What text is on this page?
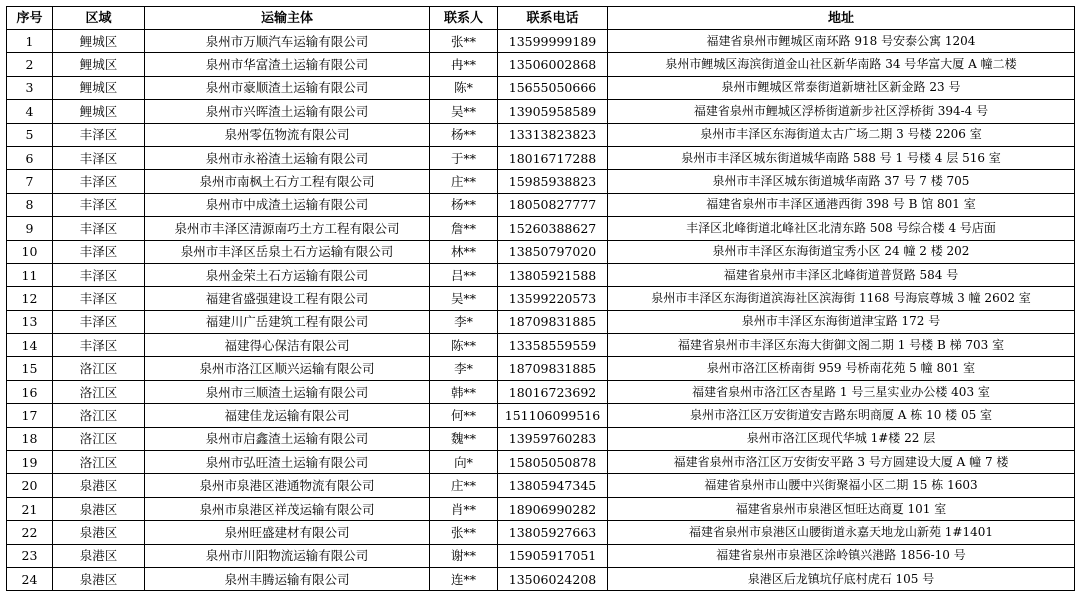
序号	区域	运输主体	联系人	联系电话	地址
1	鲤城区	泉州市万顺汽车运输有限公司	张**	13599999189	福建省泉州市鲤城区南环路 918 号安泰公寓 1204
2	鲤城区	泉州市华富渣土运输有限公司	冉**	13506002868	泉州市鲤城区海滨街道金山社区新华南路 34 号华富大厦 A 幢二楼
3	鲤城区	泉州市豪顺渣土运输有限公司	陈*	15655050666	泉州市鲤城区常泰街道新塘社区新金路 23 号
4	鲤城区	泉州市兴晖渣土运输有限公司	吴**	13905958589	福建省泉州市鲤城区浮桥街道新步社区浮桥街 394-4 号
5	丰泽区	泉州零伍物流有限公司	杨**	13313823823	泉州市丰泽区东海街道太古广场二期 3 号楼 2206 室
6	丰泽区	泉州市永裕渣土运输有限公司	于**	18016717288	泉州市丰泽区城东街道城华南路 588 号 1 号楼 4 层 516 室
7	丰泽区	泉州市南枫土石方工程有限公司	庄**	15985938823	泉州市丰泽区城东街道城华南路 37 号 7 楼 705
8	丰泽区	泉州市中成渣土运输有限公司	杨**	18050827777	福建省泉州市丰泽区通港西街 398 号 B 馆 801 室
9	丰泽区	泉州市丰泽区清源南巧土方工程有限公司	詹**	15260388627	丰泽区北峰街道北峰社区北清东路 508 号综合楼 4 号店面
10	丰泽区	泉州市丰泽区岳泉土石方运输有限公司	林**	13850797020	泉州市丰泽区东海街道宝秀小区 24 幢 2 楼 202
11	丰泽区	泉州金荣土石方运输有限公司	吕**	13805921588	福建省泉州市丰泽区北峰街道普贤路 584 号
12	丰泽区	福建省盛强建设工程有限公司	吴**	13599220573	泉州市丰泽区东海街道滨海社区滨海街 1168 号海宸尊城 3 幢 2602 室
13	丰泽区	福建川广岳建筑工程有限公司	李*	18709831885	泉州市丰泽区东海街道津宝路 172 号
14	丰泽区	福建得心保洁有限公司	陈**	13358559559	福建省泉州市丰泽区东海大街御文阁二期 1 号楼 B 梯 703 室
15	洛江区	泉州市洛江区顺兴运输有限公司	李*	18709831885	泉州市洛江区桥南街 959 号桥南花苑 5 幢 801 室
16	洛江区	泉州市三顺渣土运输有限公司	韩**	18016723692	福建省泉州市洛江区杏星路 1 号三星实业办公楼 403 室
17	洛江区	福建佳龙运输有限公司	何**	151106099516	泉州市洛江区万安街道安吉路东明商厦 A 栋 10 楼 05 室
18	洛江区	泉州市启鑫渣土运输有限公司	魏**	13959760283	泉州市洛江区现代华城 1#楼 22 层
19	洛江区	泉州市弘旺渣土运输有限公司	向*	15805050878	福建省泉州市洛江区万安街安平路 3 号方圆建设大厦 A 幢 7 楼
20	泉港区	泉州市泉港区港通物流有限公司	庄**	13805947345	福建省泉州市山腰中兴街聚福小区二期 15 栋 1603
21	泉港区	泉州市泉港区祥茂运输有限公司	肖**	18906990282	福建省泉州市泉港区恒旺达商夏 101 室
22	泉港区	泉州旺盛建材有限公司	张**	13805927663	福建省泉州市泉港区山腰街道永嘉天地龙山新苑 1#1401
23	泉港区	泉州市川阳物流运输有限公司	谢**	15905917051	福建省泉州市泉港区涂岭镇兴港路 1856-10 号
24	泉港区	泉州丰腾运输有限公司	连**	13506024208	泉港区后龙镇坑仔底村虎石 105 号
